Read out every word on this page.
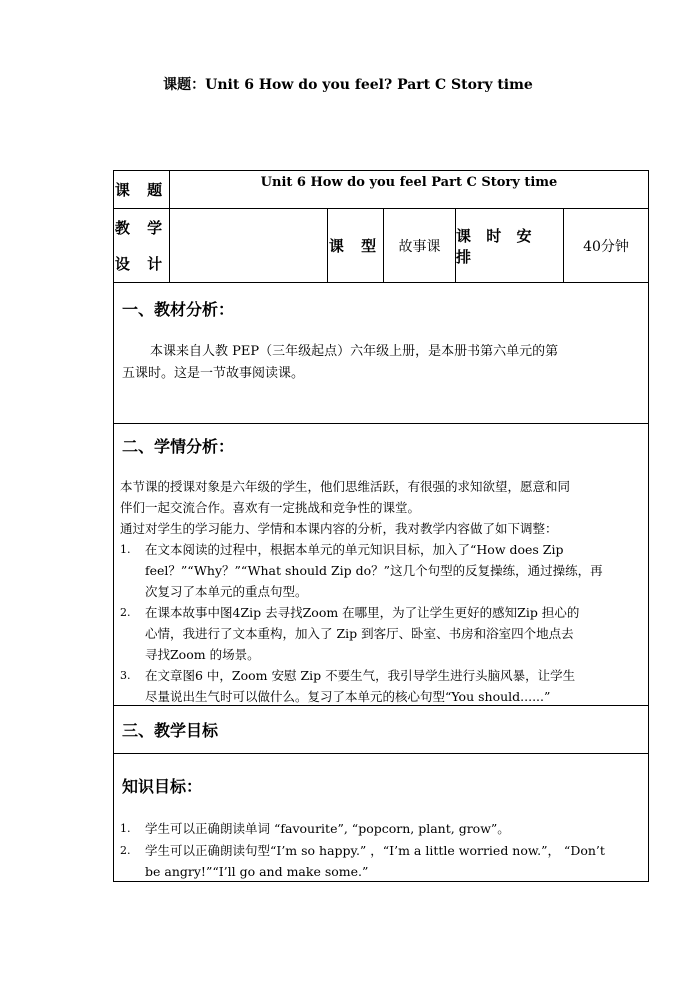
课题：Unit 6 How do you feel? Part C Story time
课 题	Unit 6 How do you feel Part C Story time
教 学
设 计
课 型 故事课
课 时 安 排
40分钟
一、教材分析：
本课来自人教 PEP（三年级起点）六年级上册，是本册书第六单元的第
五课时。这是一节故事阅读课。
二、学情分析：
本节课的授课对象是六年级的学生，他们思维活跃，有很强的求知欲望，愿意和同
伴们一起交流合作。喜欢有一定挑战和竞争性的课堂。
通过对学生的学习能力、学情和本课内容的分析，我对教学内容做了如下调整：
1. 在文本阅读的过程中，根据本单元的单元知识目标，加入了“How does Zip
feel？”“Why？”“What should Zip do？”这几个句型的反复操练，通过操练，再
次复习了本单元的重点句型。
2. 在课本故事中图4Zip 去寻找Zoom 在哪里，为了让学生更好的感知Zip 担心的
心情，我进行了文本重构，加入了 Zip 到客厅、卧室、书房和浴室四个地点去
寻找Zoom 的场景。
3. 在文章图6 中，Zoom 安慰 Zip 不要生气，我引导学生进行头脑风暴，让学生
尽量说出生气时可以做什么。复习了本单元的核心句型“You should......”
三、教学目标
知识目标：
1. 学生可以正确朗读单词 “favourite”, “popcorn, plant, grow”。
2. 学生可以正确朗读句型“I’m so happy.” ，“I’m a little worried now.”， “Don’t
be angry!”“I’ll go and make some.”
